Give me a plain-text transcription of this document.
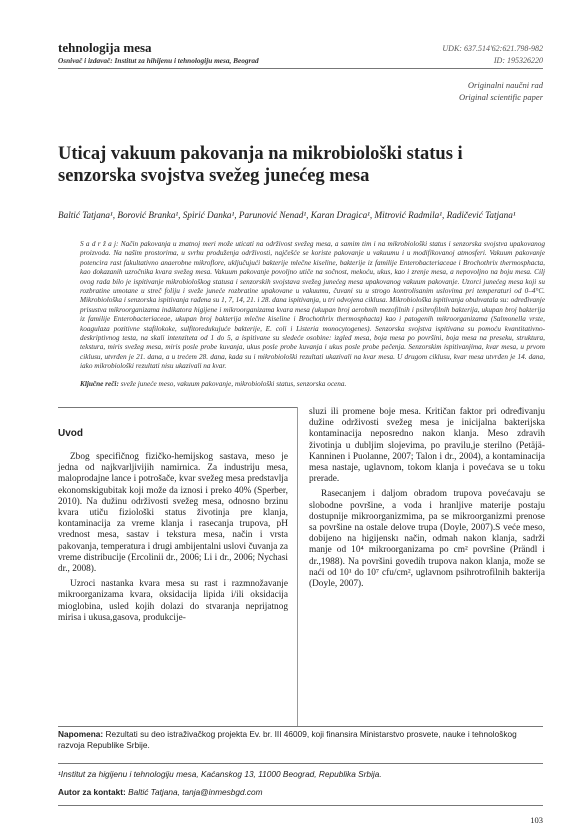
tehnologija mesa
Osnivač i izdavač: Institut za hihijenu i tehnologiju mesa, Beograd
UDK: 637.514'62:621.798-982
ID: 195326220
Originalni naučni rad
Original scientific paper
Uticaj vakuum pakovanja na mikrobiološki status i senzorska svojstva svežeg junećeg mesa
Baltić Tatjana¹, Borović Branka¹, Spirić Danka¹, Parunović Nenad¹, Karan Dragica¹, Mitrović Radmila¹, Radičević Tatjana¹
S a d r ž a j: Način pakovanja u znatnoj meri može uticati na održivost svežeg mesa, a samim tim i na mikrobiološki status i senzorska svojstva upakovanog proizvoda. Na našim prostorima, u svrhu produženja održivosti, najčešće se koriste pakovanje u vakuumu i u modifikovanoj atmosferi. Vakuum pakovanje potencira rast fakultativno anaerobne mikroflore, uključujući bakterije mlečne kiseline, bakterije iz familije Enterobacteriaceae i Brochothrix thermosphacta, kao dokazanih uzročnika kvara svežeg mesa. Vakuum pakovanje povoljno utiče na sočnost, mekoću, ukus, kao i zrenje mesa, a nepovoljno na boju mesa. Cilj ovog rada bilo je ispitivanje mikrobiološkog statusa i senzorskih svojstava svežeg junećeg mesa upakovanog vakuum pakovanje. Uzorci junećeg mesa koji su rozbratine umotane u streč foliju i sveže juneće rozbratine upakovane u vakuumu, čuvani su u strogo kontrolisanim uslovima pri temperaturi od 0–4°C. Mikrobiološka i senzorska ispitivanja rađena su 1, 7, 14, 21. i 28. dana ispitivanja, u tri odvojena ciklusa. Mikrobiološka ispitivanja obuhvatala su: određivanje prisustva mikroorganizama indikatora higijene i mikroorganizama kvara mesa (ukupan broj aerobnih mezofilnih i psihrofilnih bakterija, ukupan broj bakterija iz familije Enterobacteriaceae, ukupan broj bakterija mlečne kiseline i Brochothrix thermosphacta) kao i patogenih mikroorganizama (Salmonella vrste, koagulaza pozitivne stafilokoke, sulfitoredukujuće bakterije, E. coli i Listeria monocytogenes). Senzorska svojstva ispitivana su pomoću kvantitativno-deskriptivnog testa, na skali intenziteta od 1 do 5, a ispitivane su sledeće osobine: izgled mesa, boja mesa po površini, boja mesa na preseku, struktura, tekstura, miris svežeg mesa, miris posle probe kuvanja, ukus posle probe kuvanja i ukus posle probe pečenja. Senzorskim ispitivanjima, kvar mesa, u prvom ciklusu, utvrđen je 21. dana, a u trećem 28. dana, kada su i mikrobiološki rezultati ukazivali na kvar mesa. U drugom ciklusu, kvar mesa utvrđen je 14. dana, iako mikrobiološki rezultati nisu ukazivali na kvar.
Ključne reči: sveže juneće meso, vakuum pakovanje, mikrobiološki status, senzorska ocena.
Uvod

Zbog specifičnog fizičko-hemijskog sastava, meso je jedna od najkvarljivijih namirnica. Za industriju mesa, maloprodajne lance i potrošače, kvar svežeg mesa predstavlja ekonomskigubitak koji može da iznosi i preko 40% (Sperber, 2010). Na dužinu održivosti svežeg mesa, odnosno brzinu kvara utiču fiziološki status životinja pre klanja, kontaminacija za vreme klanja i rasecanja trupova, pH vrednost mesa, sastav i tekstura mesa, način i vrsta pakovanja, temperatura i drugi ambijentalni uslovi čuvanja za vreme distribucije (Ercolinii dr., 2006; Li i dr., 2006; Nychasi dr., 2008).

Uzroci nastanka kvara mesa su rast i razmnožavanje mikroorganizama kvara, oksidacija lipida i/ili oksidacija mioglobina, usled kojih dolazi do stvaranja neprijatnog mirisa i ukusa,gasova, produkcije-

sluzi ili promene boje mesa. Kritičan faktor pri određivanju dužine održivosti svežeg mesa je inicijalna bakterijska kontaminacija neposredno nakon klanja. Meso zdravih životinja u dubljim slojevima, po pravilu,je sterilno (Petäjä-Kanninen i Puolanne, 2007; Talon i dr., 2004), a kontaminacija mesa nastaje, uglavnom, tokom klanja i povećava se u toku prerade.

Rasecanjem i daljom obradom trupova povećavaju se slobodne površine, a voda i hranljive materije postaju dostupnije mikroorganizmima, pa se mikroorganizmi prenose sa površine na ostale delove trupa (Doyle, 2007).S veće meso, dobijeno na higijenskı način, odmah nakon klanja, sadrži manje od 10⁴ mikroorganizama po cm² površine (Prändl i dr.,1988). Na površini govedih trupova nakon klanja, može se naći od 10¹ do 10⁷ cfu/cm², uglavnom psihrotrofilnih bakterija (Doyle, 2007).

Napomena: Rezultati su deo istraživačkog projekta Ev. br. III 46009, koji finansira Ministarstvo prosvete, nauke i tehnološkog razvoja Republike Srbije.
¹Institut za higijenu i tehnologiju mesa, Kaćanskog 13, 11000 Beograd, Republika Srbija.
Autor za kontakt: Baltić Tatjana, tanja@inmesbgd.com
103
